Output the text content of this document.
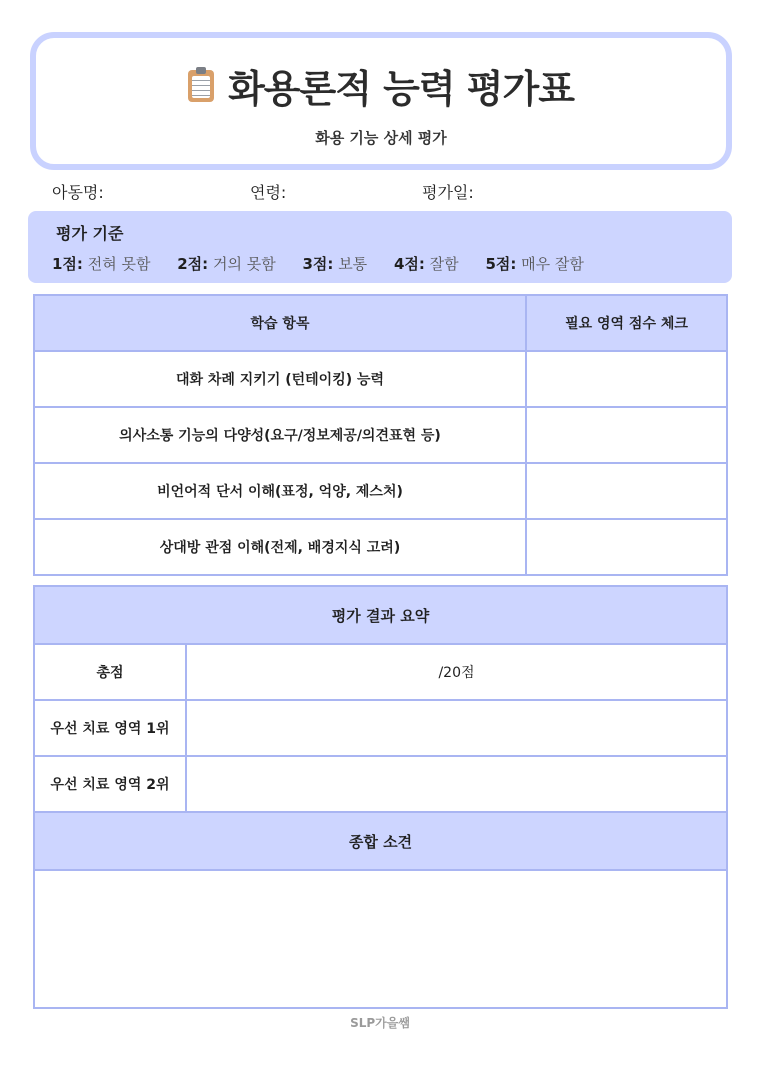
화용론적 능력 평가표
화용 기능 상세 평가
아동명:	연령:	평가일:
평가 기준
1점: 전혀 못함 2점: 거의 못함 3점: 보통 4점: 잘함 5점: 매우 잘함
학습 항목	필요 영역 점수 체크
대화 차례 지키기 (턴테이킹) 능력	
의사소통 기능의 다양성(요구/정보제공/의견표현 등)	
비언어적 단서 이해(표정, 억양, 제스처)	
상대방 관점 이해(전제, 배경지식 고려)	
평가 결과 요약	
총점	/20점
우선 치료 영역 1위	
우선 치료 영역 2위	
종합 소견	

SLP가을쌤
